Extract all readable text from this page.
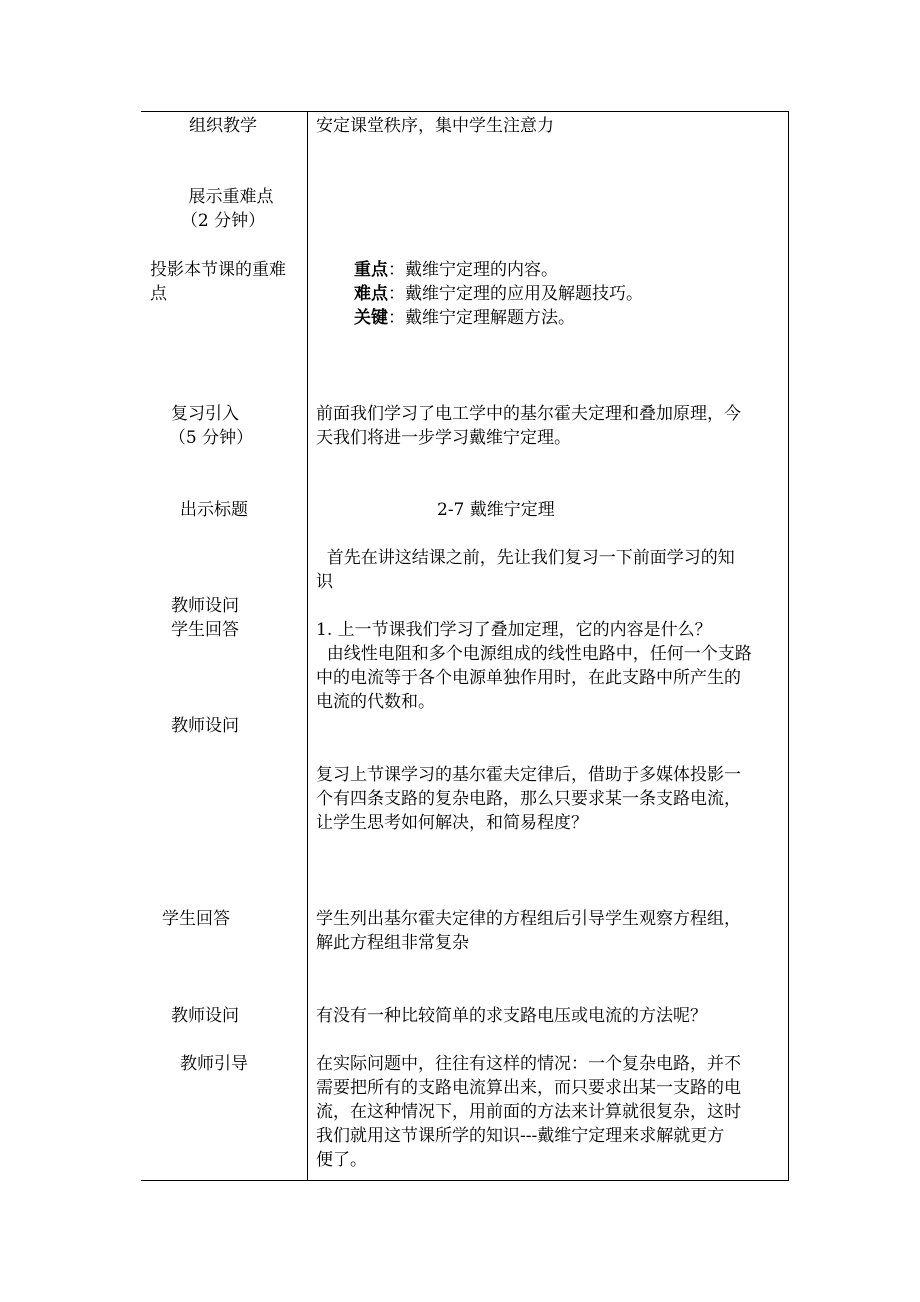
组织教学
展示重难点
（2 分钟）
投影本节课的重难
点
复习引入
（5 分钟）
出示标题
教师设问
学生回答
教师设问
学生回答
教师设问
教师引导
安定课堂秩序，集中学生注意力
重点：戴维宁定理的内容。
难点：戴维宁定理的应用及解题技巧。
关键：戴维宁定理解题方法。
前面我们学习了电工学中的基尔霍夫定理和叠加原理，今
天我们将进一步学习戴维宁定理。
2-7 戴维宁定理
首先在讲这结课之前，先让我们复习一下前面学习的知
识
1. 上一节课我们学习了叠加定理，它的内容是什么？
由线性电阻和多个电源组成的线性电路中，任何一个支路
中的电流等于各个电源单独作用时，在此支路中所产生的
电流的代数和。
复习上节课学习的基尔霍夫定律后，借助于多媒体投影一
个有四条支路的复杂电路，那么只要求某一条支路电流，
让学生思考如何解决，和简易程度？
学生列出基尔霍夫定律的方程组后引导学生观察方程组，
解此方程组非常复杂
有没有一种比较简单的求支路电压或电流的方法呢？
在实际问题中，往往有这样的情况：一个复杂电路，并不
需要把所有的支路电流算出来，而只要求出某一支路的电
流，在这种情况下，用前面的方法来计算就很复杂，这时
我们就用这节课所学的知识---戴维宁定理来求解就更方
便了。
